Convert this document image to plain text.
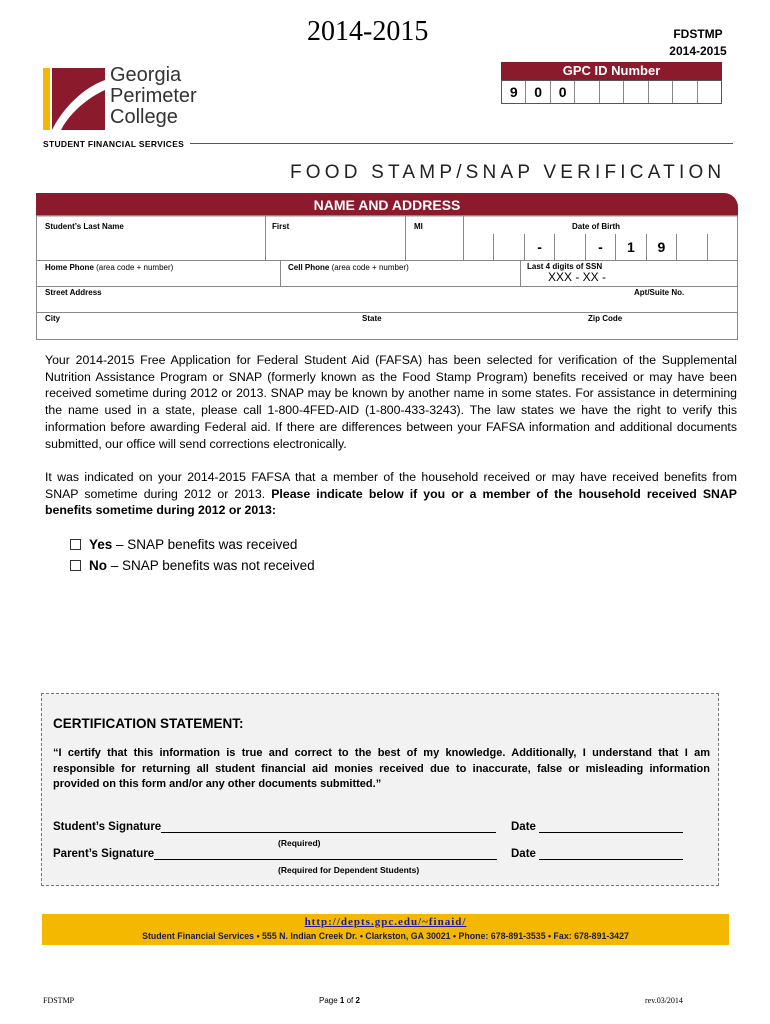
2014-2015	FDSTMP
2014-2015
GPC ID Number
9	0	0
Georgia
Perimeter
College
STUDENT FINANCIAL SERVICES
FOOD STAMP/SNAP VERIFICATION
NAME AND ADDRESS
Student’s Last Name	First	MI	Date of Birth
-	-	1	9
Home Phone (area code + number)	Cell Phone (area code + number)	Last 4 digits of SSN
XXX - XX -
Street Address	Apt/Suite No.
City	State	Zip Code
Your 2014-2015 Free Application for Federal Student Aid (FAFSA) has been selected for verification of the Supplemental Nutrition Assistance Program or SNAP (formerly known as the Food Stamp Program) benefits received or may have been received sometime during 2012 or 2013. SNAP may be known by another name in some states. For assistance in determining the name used in a state, please call 1-800-4FED-AID (1-800-433-3243). The law states we have the right to verify this information before awarding Federal aid. If there are differences between your FAFSA information and additional documents submitted, our office will send corrections electronically.
It was indicated on your 2014-2015 FAFSA that a member of the household received or may have received benefits from SNAP sometime during 2012 or 2013. Please indicate below if you or a member of the household received SNAP benefits sometime during 2012 or 2013:
Yes
– SNAP benefits was received
No
– SNAP benefits was not received
CERTIFICATION STATEMENT:
“I certify that this information is true and correct to the best of my knowledge. Additionally, I understand that I am responsible for returning all student financial aid monies received due to inaccurate, false or misleading information provided on this form and/or any other documents submitted.”
Student’s Signature	Date

(Required)
Parent’s Signature	Date

(Required for Dependent Students)
http://depts.gpc.edu/~finaid/
Student Financial Services • 555 N. Indian Creek Dr. • Clarkston, GA 30021 • Phone: 678-891-3535 • Fax: 678-891-3427
FDSTMP	Page 1 of 2	rev.03/2014
